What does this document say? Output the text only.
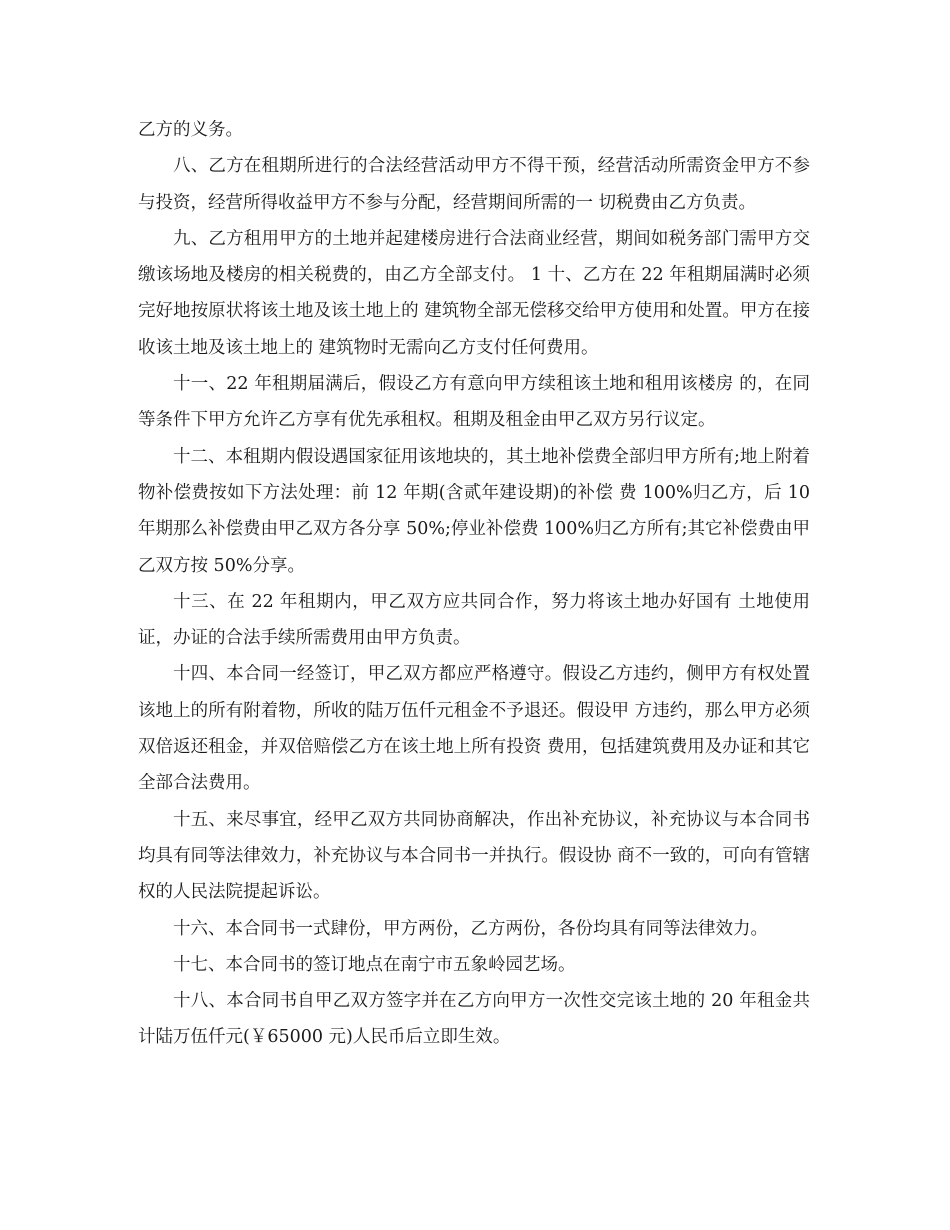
乙方的义务。

八、乙方在租期所进行的合法经营活动甲方不得干预，经营活动所需资金甲方不参与投资，经营所得收益甲方不参与分配，经营期间所需的一 切税费由乙方负责。

九、乙方租用甲方的土地并起建楼房进行合法商业经营，期间如税务部门需甲方交缴该场地及楼房的相关税费的，由乙方全部支付。 1 十、乙方在 22 年租期届满时必须完好地按原状将该土地及该土地上的 建筑物全部无偿移交给甲方使用和处置。甲方在接收该土地及该土地上的 建筑物时无需向乙方支付任何费用。

十一、22 年租期届满后，假设乙方有意向甲方续租该土地和租用该楼房 的，在同等条件下甲方允许乙方享有优先承租权。租期及租金由甲乙双方另行议定。

十二、本租期内假设遇国家征用该地块的，其土地补偿费全部归甲方所有;地上附着物补偿费按如下方法处理：前 12 年期(含贰年建设期)的补偿 费 100%归乙方，后 10 年期那么补偿费由甲乙双方各分享 50%;停业补偿费 100%归乙方所有;其它补偿费由甲乙双方按 50%分享。

十三、在 22 年租期内，甲乙双方应共同合作，努力将该土地办好国有 土地使用证，办证的合法手续所需费用由甲方负责。

十四、本合同一经签订，甲乙双方都应严格遵守。假设乙方违约，侧甲方有权处置该地上的所有附着物，所收的陆万伍仟元租金不予退还。假设甲 方违约，那么甲方必须双倍返还租金，并双倍赔偿乙方在该土地上所有投资 费用，包括建筑费用及办证和其它全部合法费用。

十五、来尽事宜，经甲乙双方共同协商解决，作出补充协议，补充协议与本合同书均具有同等法律效力，补充协议与本合同书一并执行。假设协 商不一致的，可向有管辖权的人民法院提起诉讼。

十六、本合同书一式肆份，甲方两份，乙方两份，各份均具有同等法律效力。

十七、本合同书的签订地点在南宁市五象岭园艺场。

十八、本合同书自甲乙双方签字并在乙方向甲方一次性交完该土地的 20 年租金共计陆万伍仟元(￥65000 元)人民币后立即生效。
